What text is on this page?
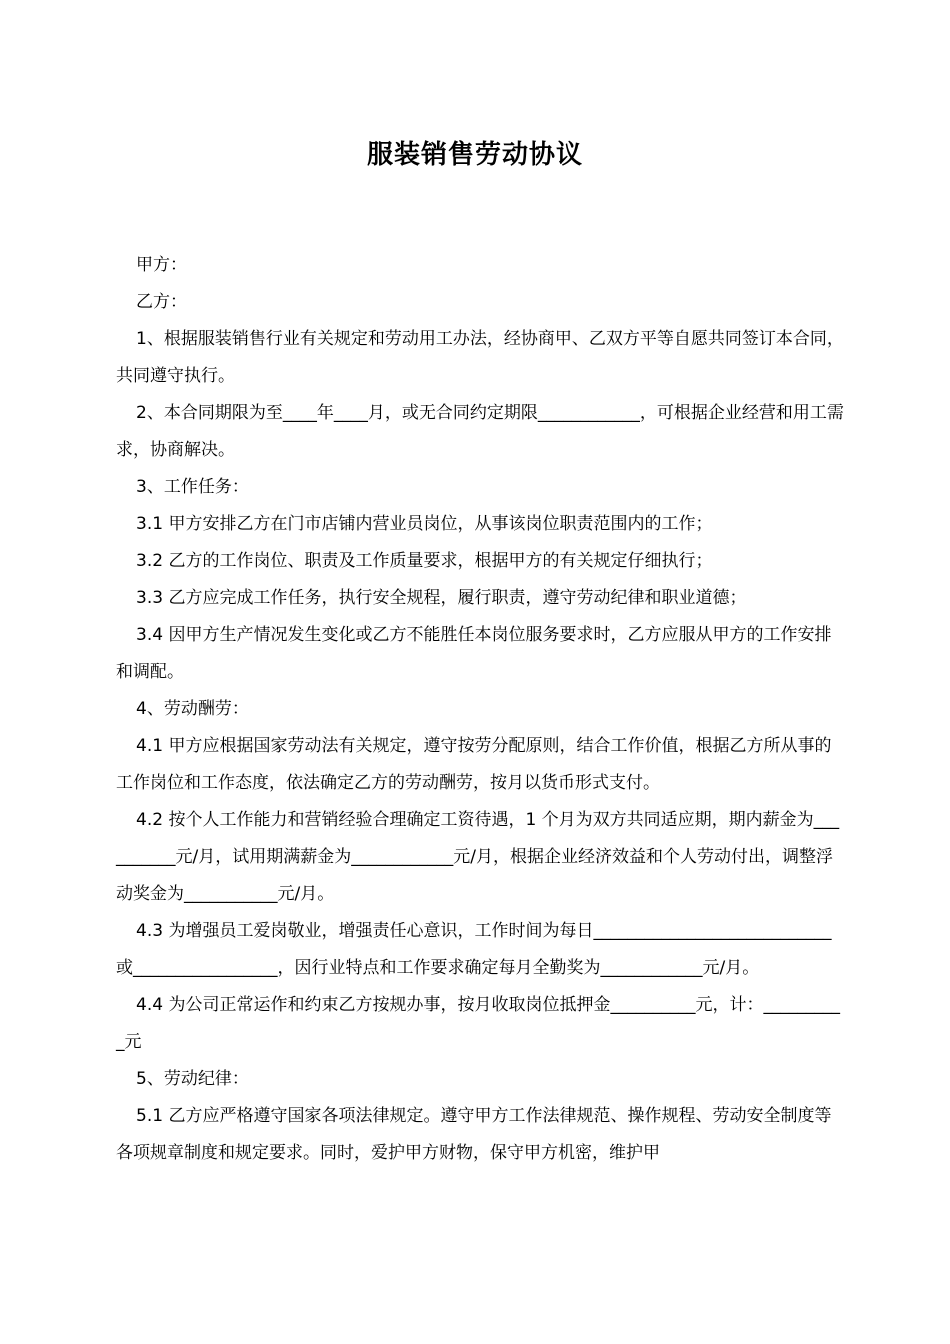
服装销售劳动协议

甲方：

乙方：

1、根据服装销售行业有关规定和劳动用工办法，经协商甲、乙双方平等自愿共同签订本合同，共同遵守执行。

2、本合同期限为至____年____月，或无合同约定期限____________，可根据企业经营和用工需求，协商解决。

3、工作任务：

3.1 甲方安排乙方在门市店铺内营业员岗位，从事该岗位职责范围内的工作；

3.2 乙方的工作岗位、职责及工作质量要求，根据甲方的有关规定仔细执行；

3.3 乙方应完成工作任务，执行安全规程，履行职责，遵守劳动纪律和职业道德；

3.4 因甲方生产情况发生变化或乙方不能胜任本岗位服务要求时，乙方应服从甲方的工作安排和调配。

4、劳动酬劳：

4.1 甲方应根据国家劳动法有关规定，遵守按劳分配原则，结合工作价值，根据乙方所从事的工作岗位和工作态度，依法确定乙方的劳动酬劳，按月以货币形式支付。

4.2 按个人工作能力和营销经验合理确定工资待遇，1 个月为双方共同适应期，期内薪金为__________元/月，试用期满薪金为____________元/月，根据企业经济效益和个人劳动付出，调整浮动奖金为___________元/月。

4.3 为增强员工爱岗敬业，增强责任心意识，工作时间为每日____________________________或_________________，因行业特点和工作要求确定每月全勤奖为____________元/月。

4.4 为公司正常运作和约束乙方按规办事，按月收取岗位抵押金__________元，计：__________元

5、劳动纪律：

5.1 乙方应严格遵守国家各项法律规定。遵守甲方工作法律规范、操作规程、劳动安全制度等各项规章制度和规定要求。同时，爱护甲方财物，保守甲方机密，维护甲
